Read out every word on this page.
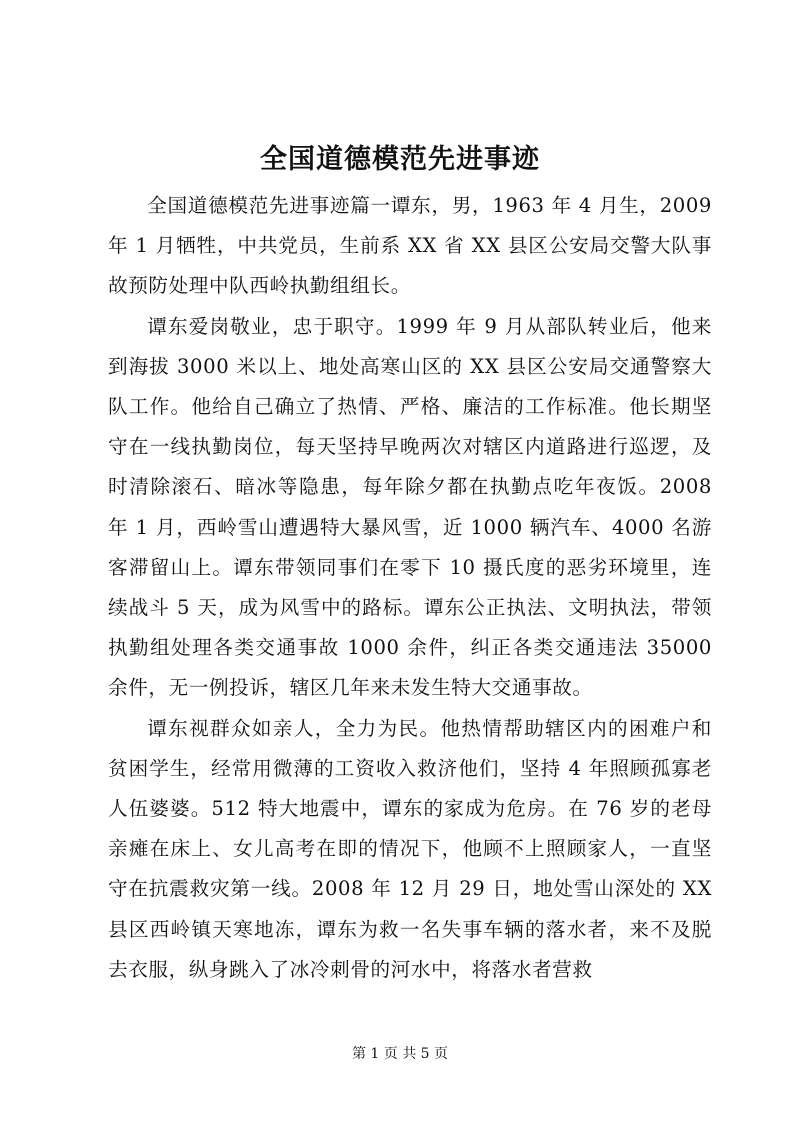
全国道德模范先进事迹

全国道德模范先进事迹篇一谭东，男，1963 年 4 月生，2009 年 1 月牺牲，中共党员，生前系 XX 省 XX 县区公安局交警大队事故预防处理中队西岭执勤组组长。

谭东爱岗敬业，忠于职守。1999 年 9 月从部队转业后，他来到海拔 3000 米以上、地处高寒山区的 XX 县区公安局交通警察大队工作。他给自己确立了热情、严格、廉洁的工作标准。他长期坚守在一线执勤岗位，每天坚持早晚两次对辖区内道路进行巡逻，及时清除滚石、暗冰等隐患，每年除夕都在执勤点吃年夜饭。2008 年 1 月，西岭雪山遭遇特大暴风雪，近 1000 辆汽车、4000 名游客滞留山上。谭东带领同事们在零下 10 摄氏度的恶劣环境里，连续战斗 5 天，成为风雪中的路标。谭东公正执法、文明执法，带领执勤组处理各类交通事故 1000 余件，纠正各类交通违法 35000 余件，无一例投诉，辖区几年来未发生特大交通事故。

谭东视群众如亲人，全力为民。他热情帮助辖区内的困难户和贫困学生，经常用微薄的工资收入救济他们，坚持 4 年照顾孤寡老人伍婆婆。512 特大地震中，谭东的家成为危房。在 76 岁的老母亲瘫在床上、女儿高考在即的情况下，他顾不上照顾家人，一直坚守在抗震救灾第一线。2008 年 12 月 29 日，地处雪山深处的 XX 县区西岭镇天寒地冻，谭东为救一名失事车辆的落水者，来不及脱去衣服，纵身跳入了冰冷刺骨的河水中，将落水者营救

第 1 页 共 5 页
